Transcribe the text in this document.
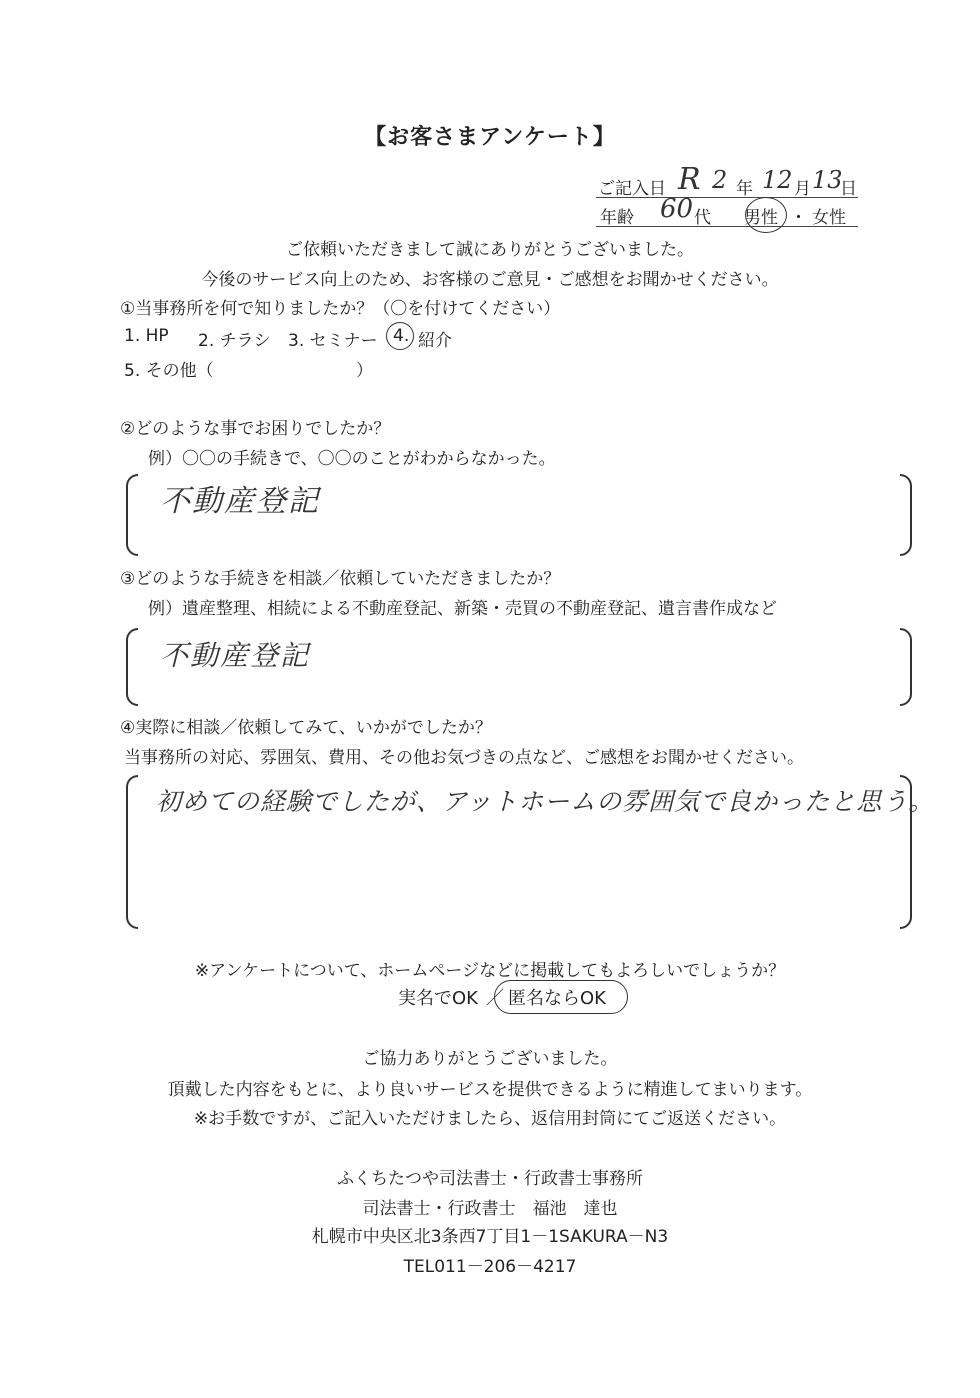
【お客さまアンケート】
ご記入日 R 2 年 12 月 13
日
年齢 60 代 男性 ・ 女性
ご依頼いただきまして誠にありがとうございました。
今後のサービス向上のため、お客様のご意見・ご感想をお聞かせください。
①当事務所を何で知りましたか？（〇を付けてください）
1. HP 2. チラシ 3. セミナー 4. 紹介
5. その他（	）
②どのような事でお困りでしたか？
例）〇〇の手続きで、〇〇のことがわからなかった。
不動産登記
③どのような手続きを相談／依頼していただきましたか？
例）遺産整理、相続による不動産登記、新築・売買の不動産登記、遺言書作成など
不動産登記
④実際に相談／依頼してみて、いかがでしたか？
当事務所の対応、雰囲気、費用、その他お気づきの点など、ご感想をお聞かせください。
初めての経験でしたが、アットホームの雰囲気で良かったと思う。
※アンケートについて、ホームページなどに掲載してもよろしいでしょうか？
実名でOK ／ 匿名ならOK
ご協力ありがとうございました。
頂戴した内容をもとに、より良いサービスを提供できるように精進してまいります。
※お手数ですが、ご記入いただけましたら、返信用封筒にてご返送ください。
ふくちたつや司法書士・行政書士事務所
司法書士・行政書士　福池　達也
札幌市中央区北3条西7丁目1－1SAKURA－N3
TEL011－206－4217
